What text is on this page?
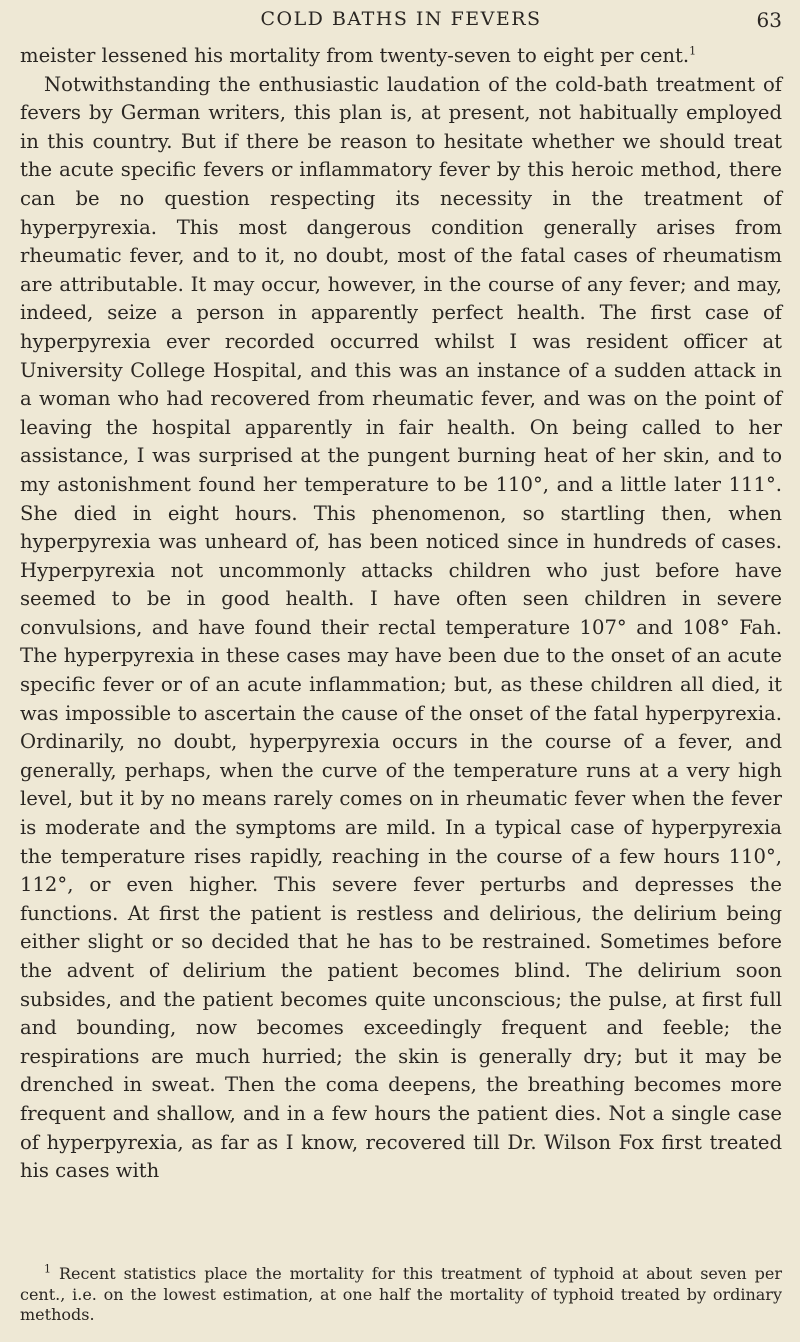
COLD BATHS IN FEVERS	63

meister lessened his mortality from twenty-seven to eight per cent.$^1$

Notwithstanding the enthusiastic laudation of the cold-bath treatment of fevers by German writers, this plan is, at present, not habitually employed in this country. But if there be reason to hesitate whether we should treat the acute specific fevers or inflammatory fever by this heroic method, there can be no question respecting its necessity in the treatment of hyperpyrexia. This most dangerous condition generally arises from rheumatic fever, and to it, no doubt, most of the fatal cases of rheumatism are attributable. It may occur, however, in the course of any fever; and may, indeed, seize a person in apparently perfect health. The first case of hyperpyrexia ever recorded occurred whilst I was resident officer at University College Hospital, and this was an instance of a sudden attack in a woman who had recovered from rheumatic fever, and was on the point of leaving the hospital apparently in fair health. On being called to her assistance, I was surprised at the pungent burning heat of her skin, and to my astonishment found her temperature to be 110°, and a little later 111°. She died in eight hours. This phenomenon, so startling then, when hyperpyrexia was unheard of, has been noticed since in hundreds of cases. Hyperpyrexia not uncommonly attacks children who just before have seemed to be in good health. I have often seen children in severe convulsions, and have found their rectal temperature 107° and 108° Fah. The hyperpyrexia in these cases may have been due to the onset of an acute specific fever or of an acute inflammation; but, as these children all died, it was impossible to ascertain the cause of the onset of the fatal hyperpyrexia. Ordinarily, no doubt, hyperpyrexia occurs in the course of a fever, and generally, perhaps, when the curve of the temperature runs at a very high level, but it by no means rarely comes on in rheumatic fever when the fever is moderate and the symptoms are mild. In a typical case of hyperpyrexia the temperature rises rapidly, reaching in the course of a few hours 110°, 112°, or even higher. This severe fever perturbs and depresses the functions. At first the patient is restless and delirious, the delirium being either slight or so decided that he has to be restrained. Sometimes before the advent of delirium the patient becomes blind. The delirium soon subsides, and the patient becomes quite unconscious; the pulse, at first full and bounding, now becomes exceedingly frequent and feeble; the respirations are much hurried; the skin is generally dry; but it may be drenched in sweat. Then the coma deepens, the breathing becomes more frequent and shallow, and in a few hours the patient dies. Not a single case of hyperpyrexia, as far as I know, recovered till Dr. Wilson Fox first treated his cases with

$^1$ Recent statistics place the mortality for this treatment of typhoid at about seven per cent., i.e. on the lowest estimation, at one half the mortality of typhoid treated by ordinary methods.
